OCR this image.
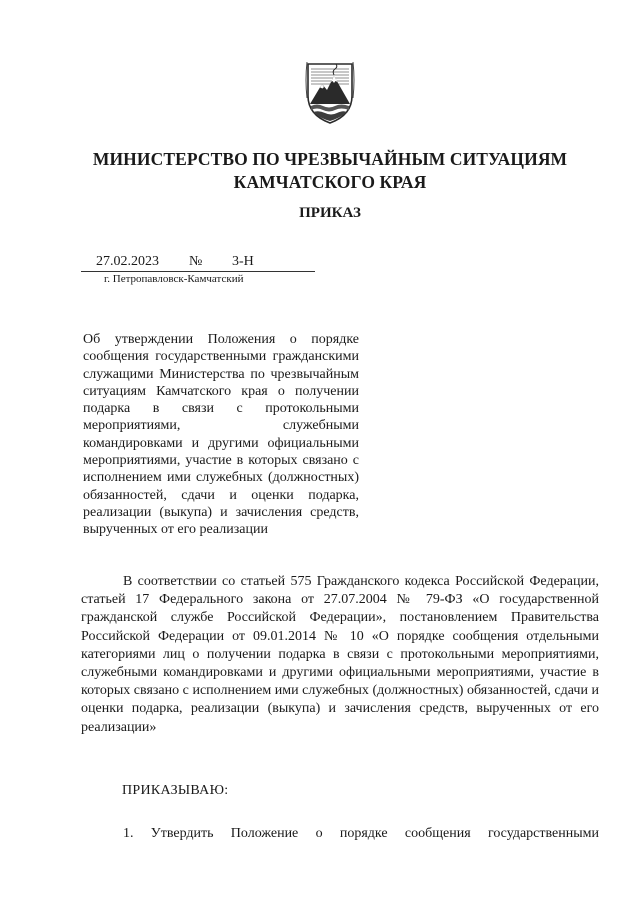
МИНИСТЕРСТВО ПО ЧРЕЗВЫЧАЙНЫМ СИТУАЦИЯМ
КАМЧАТСКОГО КРАЯ
ПРИКАЗ
27.02.2023 № 3-Н
г. Петропавловск-Камчатский
Об утверждении Положения о порядке сообщения государственными гражданскими служащими Министерства по чрезвычайным ситуациям Камчатского края о получении подарка в связи с протокольными мероприятиями, служебными командировками и другими официальными мероприятиями, участие в которых связано с исполнением ими служебных (должностных) обязанностей, сдачи и оценки подарка, реализации (выкупа) и зачисления средств, вырученных от его реализации
В соответствии со статьей 575 Гражданского кодекса Российской Федерации, статьей 17 Федерального закона от 27.07.2004 № 79-ФЗ «О государственной гражданской службе Российской Федерации», постановлением Правительства Российской Федерации от 09.01.2014 № 10 «О порядке сообщения отдельными категориями лиц о получении подарка в связи с протокольными мероприятиями, служебными командировками и другими официальными мероприятиями, участие в которых связано с исполнением ими служебных (должностных) обязанностей, сдачи и оценки подарка, реализации (выкупа) и зачисления средств, вырученных от его реализации»
ПРИКАЗЫВАЮ:
1. Утвердить Положение о порядке сообщения государственными
